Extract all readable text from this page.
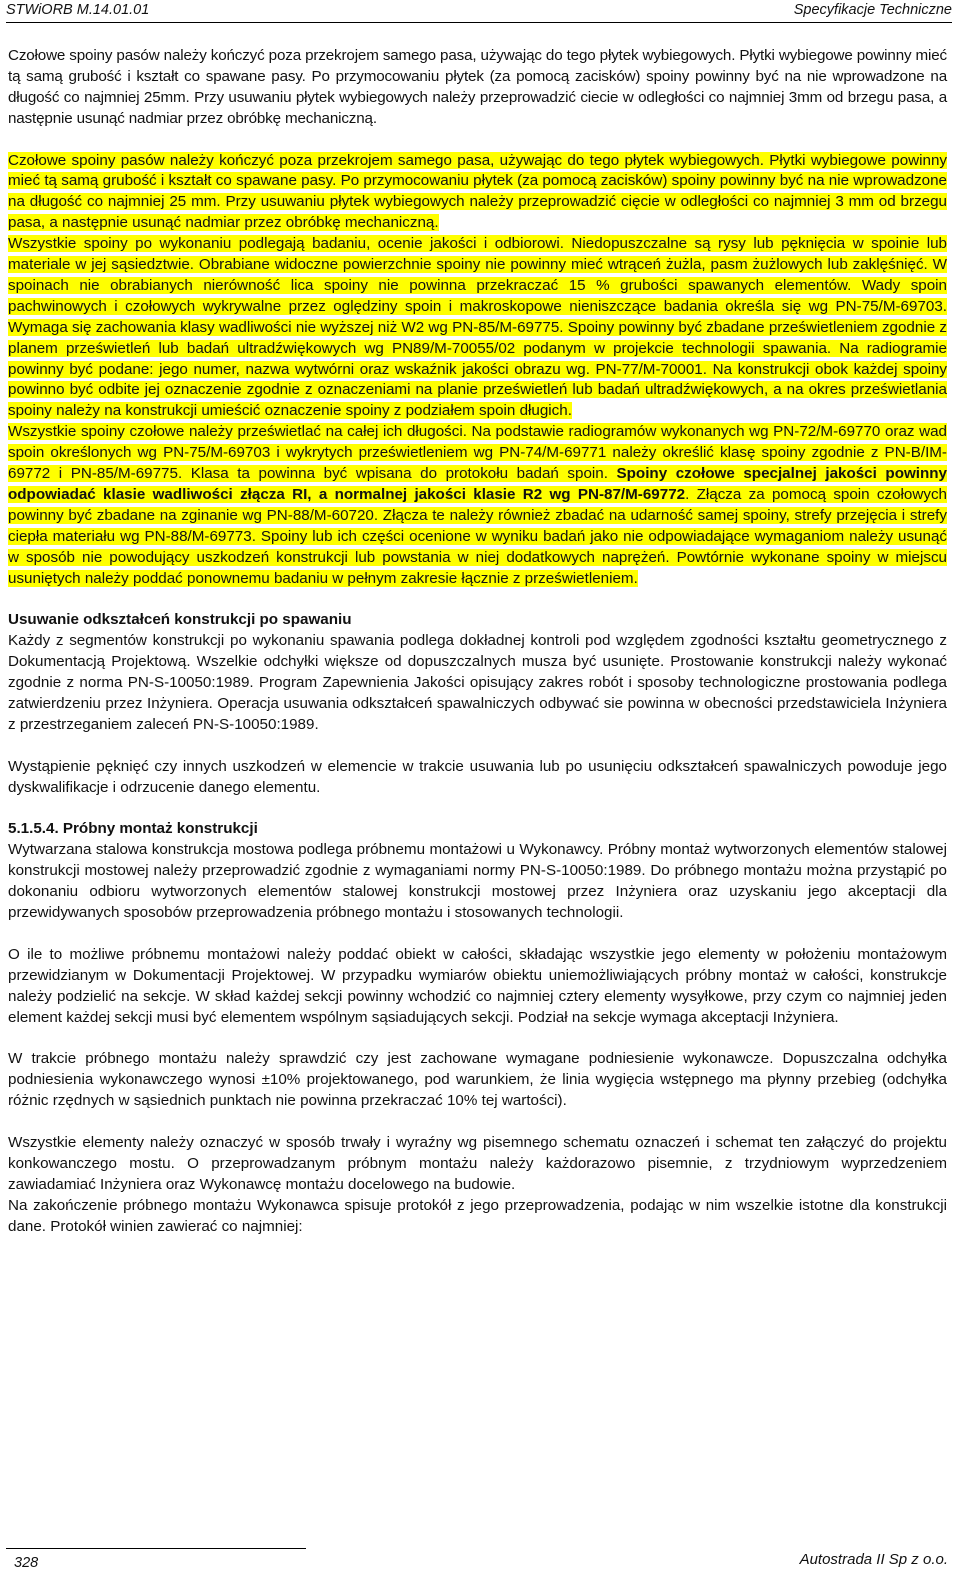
STWiORB M.14.01.01	Specyfikacje Techniczne

Czołowe spoiny pasów należy kończyć poza przekrojem samego pasa, używając do tego płytek wybiegowych. Płytki wybiegowe powinny mieć tą samą grubość i kształt co spawane pasy. Po przymocowaniu płytek (za pomocą zacisków) spoiny powinny być na nie wprowadzone na długość co najmniej 25mm. Przy usuwaniu płytek wybiegowych należy przeprowadzić ciecie w odległości co najmniej 3mm od brzegu pasa, a następnie usunąć nadmiar przez obróbkę mechaniczną.

Czołowe spoiny pasów należy kończyć poza przekrojem samego pasa, używając do tego płytek wybiegowych. Płytki wybiegowe powinny mieć tą samą grubość i kształt co spawane pasy. Po przymocowaniu płytek (za pomocą zacisków) spoiny powinny być na nie wprowadzone na długość co najmniej 25 mm. Przy usuwaniu płytek wybiegowych należy przeprowadzić cięcie w odległości co najmniej 3 mm od brzegu pasa, a następnie usunąć nadmiar przez obróbkę mechaniczną.

Wszystkie spoiny po wykonaniu podlegają badaniu, ocenie jakości i odbiorowi. Niedopuszczalne są rysy lub pęknięcia w spoinie lub materiale w jej sąsiedztwie. Obrabiane widoczne powierzchnie spoiny nie powinny mieć wtrąceń żużla, pasm żużlowych lub zaklęśnięć. W spoinach nie obrabianych nierówność lica spoiny nie powinna przekraczać 15 % grubości spawanych elementów. Wady spoin pachwinowych i czołowych wykrywalne przez oględziny spoin i makroskopowe nieniszczące badania określa się wg PN-75/M-69703. Wymaga się zachowania klasy wadliwości nie wyższej niż W2 wg PN-85/M-69775. Spoiny powinny być zbadane prześwietleniem zgodnie z planem prześwietleń lub badań ultradźwiękowych wg PN89/M-70055/02 podanym w projekcie technologii spawania. Na radiogramie powinny być podane: jego numer, nazwa wytwórni oraz wskaźnik jakości obrazu wg. PN-77/M-70001. Na konstrukcji obok każdej spoiny powinno być odbite jej oznaczenie zgodnie z oznaczeniami na planie prześwietleń lub badań ultradźwiękowych, a na okres prześwietlania spoiny należy na konstrukcji umieścić oznaczenie spoiny z podziałem spoin długich.

Wszystkie spoiny czołowe należy prześwietlać na całej ich długości. Na podstawie radiogramów wykonanych wg PN-72/M-69770 oraz wad spoin określonych wg PN-75/M-69703 i wykrytych prześwietleniem wg PN-74/M-69771 należy określić klasę spoiny zgodnie z PN-B/IM-69772 i PN-85/M-69775. Klasa ta powinna być wpisana do protokołu badań spoin. Spoiny czołowe specjalnej jakości powinny odpowiadać klasie wadliwości złącza RI, a normalnej jakości klasie R2 wg PN-87/M-69772. Złącza za pomocą spoin czołowych powinny być zbadane na zginanie wg PN-88/M-60720. Złącza te należy również zbadać na udarność samej spoiny, strefy przejęcia i strefy ciepła materiału wg PN-88/M-69773. Spoiny lub ich części ocenione w wyniku badań jako nie odpowiadające wymaganiom należy usunąć w sposób nie powodujący uszkodzeń konstrukcji lub powstania w niej dodatkowych naprężeń. Powtórnie wykonane spoiny w miejscu usuniętych należy poddać ponownemu badaniu w pełnym zakresie łącznie z prześwietleniem.

Usuwanie odkształceń konstrukcji po spawaniu

Każdy z segmentów konstrukcji po wykonaniu spawania podlega dokładnej kontroli pod względem zgodności kształtu geometrycznego z Dokumentacją Projektową. Wszelkie odchyłki większe od dopuszczalnych musza być usunięte. Prostowanie konstrukcji należy wykonać zgodnie z norma PN-S-10050:1989. Program Zapewnienia Jakości opisujący zakres robót i sposoby technologiczne prostowania podlega zatwierdzeniu przez Inżyniera. Operacja usuwania odkształceń spawalniczych odbywać sie powinna w obecności przedstawiciela Inżyniera z przestrzeganiem zaleceń PN-S-10050:1989.

Wystąpienie pęknięć czy innych uszkodzeń w elemencie w trakcie usuwania lub po usunięciu odkształceń spawalniczych powoduje jego dyskwalifikacje i odrzucenie danego elementu.

5.1.5.4. Próbny montaż konstrukcji

Wytwarzana stalowa konstrukcja mostowa podlega próbnemu montażowi u Wykonawcy. Próbny montaż wytworzonych elementów stalowej konstrukcji mostowej należy przeprowadzić zgodnie z wymaganiami normy PN-S-10050:1989. Do próbnego montażu można przystąpić po dokonaniu odbioru wytworzonych elementów stalowej konstrukcji mostowej przez Inżyniera oraz uzyskaniu jego akceptacji dla przewidywanych sposobów przeprowadzenia próbnego montażu i stosowanych technologii.

O ile to możliwe próbnemu montażowi należy poddać obiekt w całości, składając wszystkie jego elementy w położeniu montażowym przewidzianym w Dokumentacji Projektowej. W przypadku wymiarów obiektu uniemożliwiających próbny montaż w całości, konstrukcje należy podzielić na sekcje. W skład każdej sekcji powinny wchodzić co najmniej cztery elementy wysyłkowe, przy czym co najmniej jeden element każdej sekcji musi być elementem wspólnym sąsiadujących sekcji. Podział na sekcje wymaga akceptacji Inżyniera.

W trakcie próbnego montażu należy sprawdzić czy jest zachowane wymagane podniesienie wykonawcze. Dopuszczalna odchyłka podniesienia wykonawczego wynosi ±10% projektowanego, pod warunkiem, że linia wygięcia wstępnego ma płynny przebieg (odchyłka różnic rzędnych w sąsiednich punktach nie powinna przekraczać 10% tej wartości).

Wszystkie elementy należy oznaczyć w sposób trwały i wyraźny wg pisemnego schematu oznaczeń i schemat ten załączyć do projektu konkowanczego mostu. O przeprowadzanym próbnym montażu należy każdorazowo pisemnie, z trzydniowym wyprzedzeniem zawiadamiać Inżyniera oraz Wykonawcę montażu docelowego na budowie.

Na zakończenie próbnego montażu Wykonawca spisuje protokół z jego przeprowadzenia, podając w nim wszelkie istotne dla konstrukcji dane. Protokół winien zawierać co najmniej:

328	Autostrada II Sp z o.o.
